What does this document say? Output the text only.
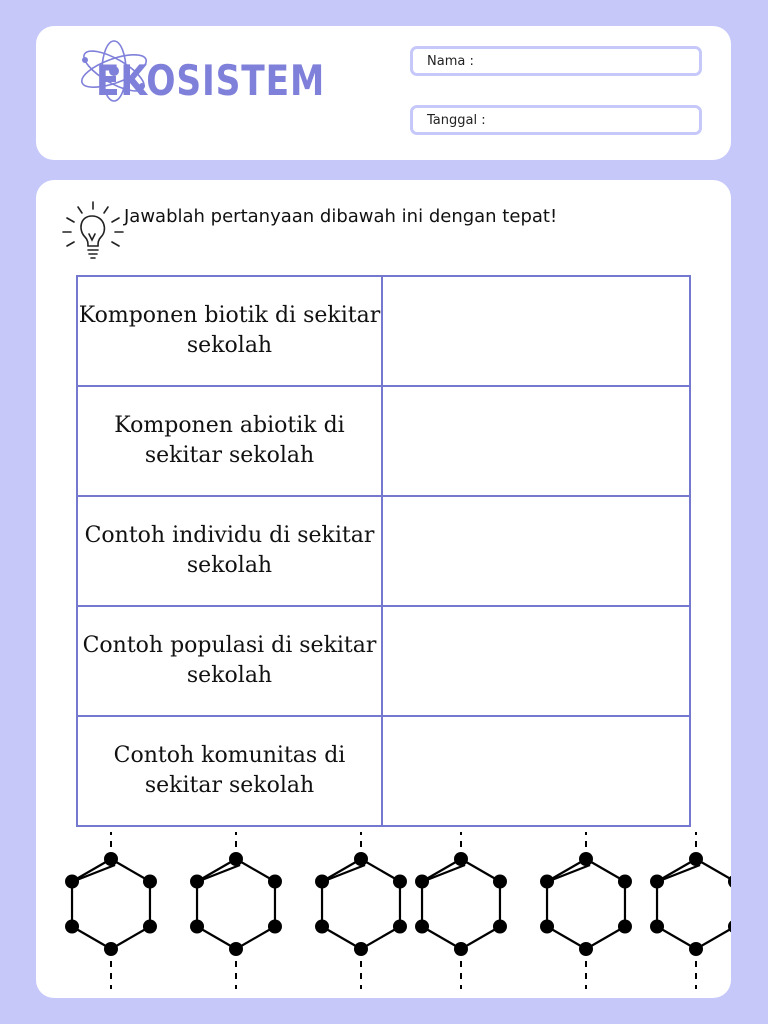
EKOSISTEM	Nama :
Tanggal :
Jawablah pertanyaan dibawah ini dengan tepat!
Komponen biotik di sekitar sekolah	

Komponen abiotik di sekitar sekolah	

Contoh individu di sekitar sekolah	

Contoh populasi di sekitar sekolah	

Contoh komunitas di sekitar sekolah	
